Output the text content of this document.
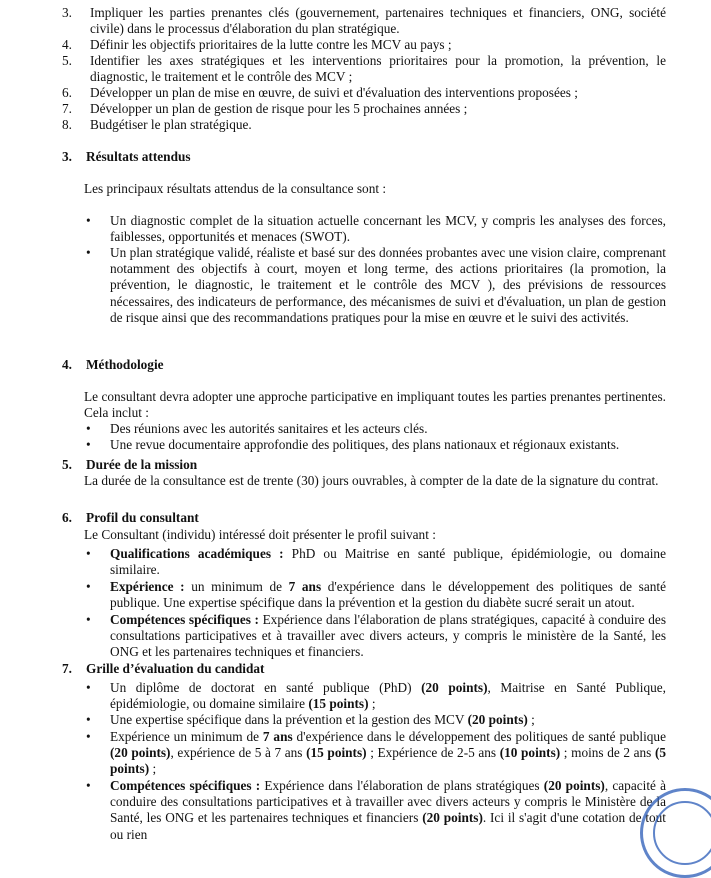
3.	Impliquer les parties prenantes clés (gouvernement, partenaires techniques et financiers, ONG, société civile) dans le processus d'élaboration du plan stratégique.
4.	Définir les objectifs prioritaires de la lutte contre les MCV au pays ;
5.	Identifier les axes stratégiques et les interventions prioritaires pour la promotion, la prévention, le diagnostic, le traitement et le contrôle des MCV ;
6.	Développer un plan de mise en œuvre, de suivi et d'évaluation des interventions proposées ;
7.	Développer un plan de gestion de risque pour les 5 prochaines années ;
8.	Budgétiser le plan stratégique.
3. Résultats attendus
Les principaux résultats attendus de la consultance sont :
• Un diagnostic complet de la situation actuelle concernant les MCV, y compris les analyses des forces, faiblesses, opportunités et menaces (SWOT).
• Un plan stratégique validé, réaliste et basé sur des données probantes avec une vision claire, comprenant notamment des objectifs à court, moyen et long terme, des actions prioritaires (la promotion, la prévention, le diagnostic, le traitement et le contrôle des MCV ), des prévisions de ressources nécessaires, des indicateurs de performance, des mécanismes de suivi et d'évaluation, un plan de gestion de risque ainsi que des recommandations pratiques pour la mise en œuvre et le suivi des activités.
4. Méthodologie
Le consultant devra adopter une approche participative en impliquant toutes les parties prenantes pertinentes. Cela inclut :
• Des réunions avec les autorités sanitaires et les acteurs clés.
• Une revue documentaire approfondie des politiques, des plans nationaux et régionaux existants.
5. Durée de la mission
La durée de la consultance est de trente (30) jours ouvrables, à compter de la date de la signature du contrat.
6. Profil du consultant
Le Consultant (individu) intéressé doit présenter le profil suivant :
• Qualifications académiques : PhD ou Maitrise en santé publique, épidémiologie, ou domaine similaire.
• Expérience : un minimum de 7 ans d'expérience dans le développement des politiques de santé publique. Une expertise spécifique dans la prévention et la gestion du diabète sucré serait un atout.
• Compétences spécifiques : Expérience dans l'élaboration de plans stratégiques, capacité à conduire des consultations participatives et à travailler avec divers acteurs, y compris le ministère de la Santé, les ONG et les partenaires techniques et financiers.
7. Grille d’évaluation du candidat
• Un diplôme de doctorat en santé publique (PhD) (20 points), Maitrise en Santé Publique, épidémiologie, ou domaine similaire (15 points) ;
• Une expertise spécifique dans la prévention et la gestion des MCV (20 points) ;
• Expérience un minimum de 7 ans d'expérience dans le développement des politiques de santé publique (20 points), expérience de 5 à 7 ans (15 points) ; Expérience de 2-5 ans (10 points) ; moins de 2 ans (5 points) ;
• Compétences spécifiques : Expérience dans l'élaboration de plans stratégiques (20 points), capacité à conduire des consultations participatives et à travailler avec divers acteurs y compris le Ministère de la Santé, les ONG et les partenaires techniques et financiers (20 points). Ici il s'agit d'une cotation de tout ou rien
